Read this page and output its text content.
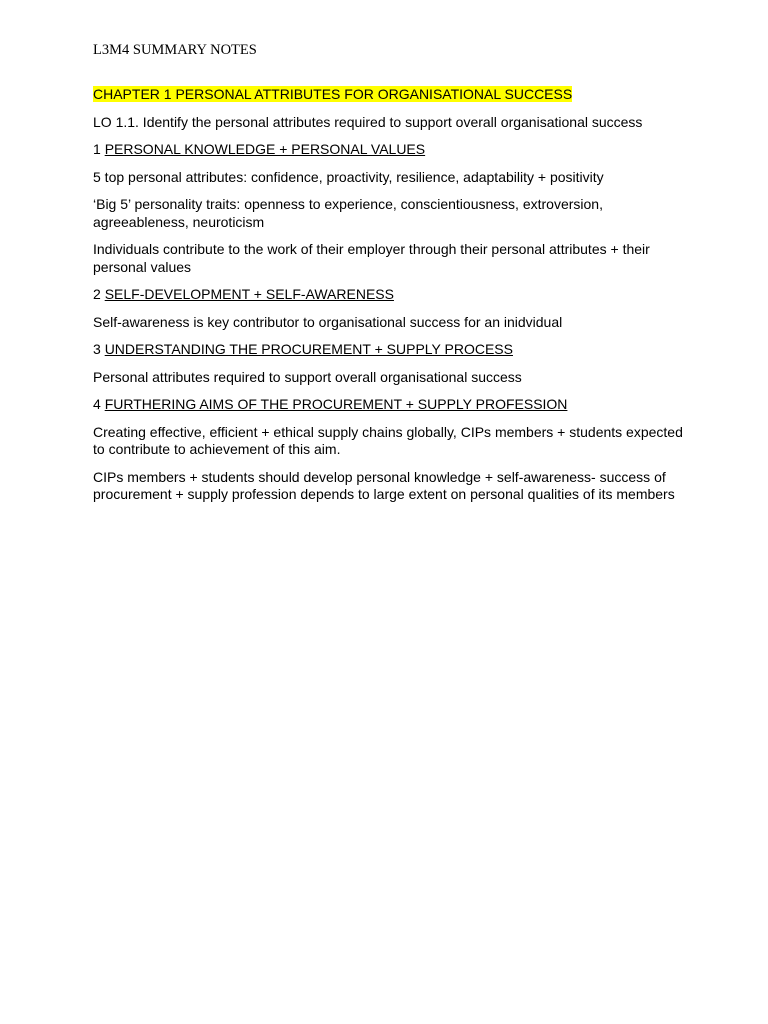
L3M4 SUMMARY NOTES

CHAPTER 1 PERSONAL ATTRIBUTES FOR ORGANISATIONAL SUCCESS

LO 1.1. Identify the personal attributes required to support overall organisational success

1 PERSONAL KNOWLEDGE + PERSONAL VALUES

5 top personal attributes: confidence, proactivity, resilience, adaptability + positivity

‘Big 5’ personality traits: openness to experience, conscientiousness, extroversion, agreeableness, neuroticism

Individuals contribute to the work of their employer through their personal attributes + their personal values

2 SELF-DEVELOPMENT + SELF-AWARENESS

Self-awareness is key contributor to organisational success for an inidvidual

3 UNDERSTANDING THE PROCUREMENT + SUPPLY PROCESS

Personal attributes required to support overall organisational success

4 FURTHERING AIMS OF THE PROCUREMENT + SUPPLY PROFESSION

Creating effective, efficient + ethical supply chains globally, CIPs members + students expected to contribute to achievement of this aim.

CIPs members + students should develop personal knowledge + self-awareness- success of procurement + supply profession depends to large extent on personal qualities of its members
